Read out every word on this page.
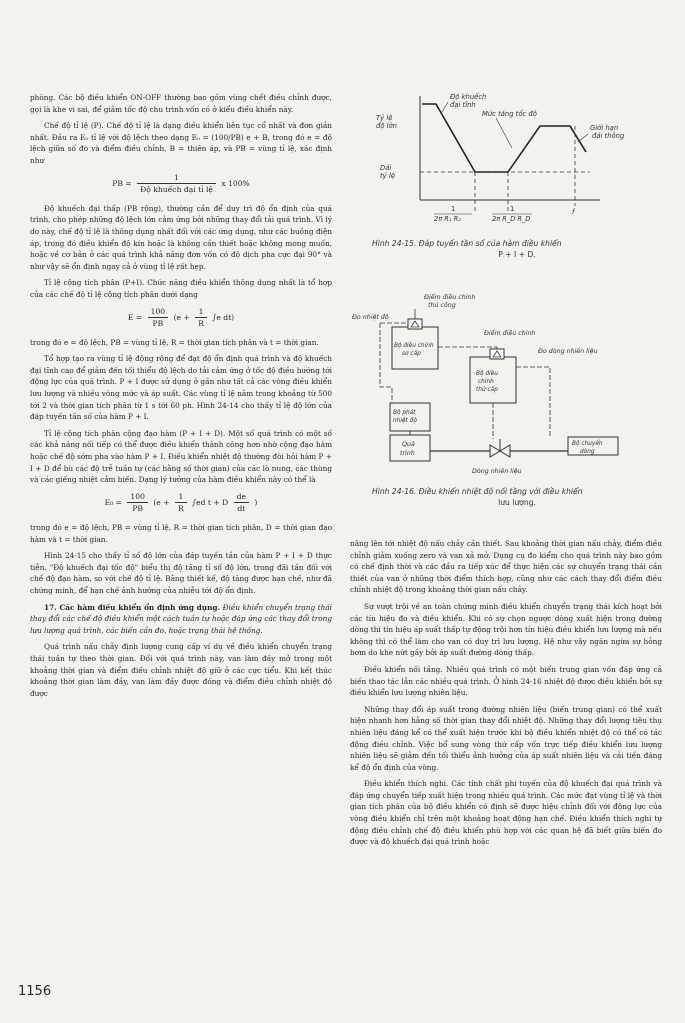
Tỷ lệ
độ lớn
Dải
tỷ lệ
Độ khuếch
đại tĩnh
Mức tăng tốc độ
Giới hạn
đái thông
1
2π R₁ R₂
1
2π R_D R_D
f
Hình 24-15. Đáp tuyến tần số của hàm điều khiển
P + I + D.
Điểm điều chỉnh
thủ công
Đo nhiệt độ
Điểm điều chỉnh
Đo dòng nhiên liệu
Bộ điều chỉnh
sơ cấp
Bộ điều
chỉnh
thứ cấp
Bộ phát
nhiệt độ
Quá
trình
Dòng nhiên liệu
Bộ chuyển
dòng
Hình 24-16. Điều khiển nhiệt độ nối tầng với điều khiển
lưu lượng.

phòng. Các bộ điều khiển ON-OFF thường bao gồm vùng chết điều chỉnh được, gọi là khe vi sai, để giảm tốc độ chu trình vốn có ở kiểu điều khiển này.

Chế độ tỉ lệ (P). Chế độ tỉ lệ là dạng điều khiển liên tục cổ nhất và đơn giản nhất. Đầu ra E₀ tỉ lệ với độ lệch theo dạng E₀ = (100/PB) e + B, trong đó e = độ lệch giữa số đo và điểm điều chỉnh, B = thiên áp, và PB = vùng tỉ lệ, xác định như

PB = $\frac{1}{\text{Độ khuếch đại tỉ lệ}}$ x 100%

Độ khuếch đại thấp (PB rộng), thường cần để duy trì độ ổn định của quá trình, cho phép những độ lệch lớn cảm ứng bởi những thay đổi tải quá trình. Vì lý do này, chế độ tỉ lệ là thông dụng nhất đối với các ứng dụng, như các buồng điện áp, trong đó điều khiển độ kín hoặc là không cần thiết hoặc không mong muốn, hoặc về cơ bản ở các quá trình khả năng đơn vốn có độ dịch pha cực đại 90° và như vậy sẽ ổn định ngay cả ở vùng tỉ lệ rất hẹp.

Tỉ lệ cộng tích phân (P+I). Chức năng điều khiển thông dụng nhất là tổ hợp của các chế độ tỉ lệ cộng tích phân dưới dạng

$E = \frac{100}{PB} (e + \frac{1}{R} \int e$ dt)

trong đó e = độ lệch, PB = vùng tỉ lệ, R = thời gian tích phân và t = thời gian.

Tổ hợp tạo ra vùng tỉ lệ động rộng để đạt độ ổn định quá trình và độ khuếch đại tĩnh cao để giảm đến tối thiểu độ lệch do tải cảm ứng ở tốc độ điều hướng tới động lực của quá trình. P + I được sử dụng ở gần như tất cả các vòng điều khiển lưu lượng và nhiều vòng mức và áp suất. Các vùng tỉ lệ nằm trong khoảng từ 500 tới 2 và thời gian tích phân từ 1 s tới 60 ph. Hình 24-14 cho thấy tỉ lệ độ lớn của đáp tuyến tần số của hàm P + I.

Tỉ lệ cộng tích phân cộng đạo hàm (P + I + D). Một số quá trình có một số các khả năng nối tiếp có thể được điều khiển thành công hơn nhờ cộng đạo hàm hoặc chế độ sớm pha vào hàm P + I. Điều khiển nhiệt độ thường đòi hỏi hàm P + I + D để bù các độ trễ tuần tự (các hằng số thời gian) của các lò nung, các thùng và các giếng nhiệt cảm biến. Dạng lý tưởng của hàm điều khiển này có thể là

$E_0 = \frac{100}{PB} (e + \frac{1}{R} \int ed$ t + D $\frac{de}{dt}$ )

trong đó e = độ lệch, PB = vùng tỉ lệ, R = thời gian tích phân, D = thời gian đạo hàm và t = thời gian.

Hình 24-15 cho thấy tỉ số độ lớn của đáp tuyến tần của hàm P + I + D thực tiễn. "Độ khuếch đại tốc độ" biểu thị độ tăng tỉ số độ lớn, trong đãi tần đối với chế độ đạo hàm, so với chế độ tỉ lệ. Bằng thiết kế, độ tăng được hạn chế, như đã chứng minh, để hạn chế ảnh hưởng của nhiễu tới độ ổn định.

17. Các hàm điều khiển ổn định ứng dụng. Điều khiển chuyển trạng thái thay đổi các chế độ điều khiển một cách tuần tự hoặc đáp ứng các thay đổi trong lưu lượng quá trình, các biến cần đo, hoặc trạng thái hệ thống.

Quá trình nấu chảy định lượng cung cấp ví dụ về điều khiển chuyển trạng thái tuần tự theo thời gian. Đối với quá trình này, van làm đầy mở trong một khoảng thời gian và điểm điều chỉnh nhiệt độ giữ ở các cực tiểu. Khi kết thúc khoảng thời gian làm đầy, van làm đầy được đóng và điểm điều chỉnh nhiệt độ được

nâng lên tới nhiệt độ nấu chảy cần thiết. Sau khoảng thời gian nấu chảy, điểm điều chỉnh giảm xuống zero và van xả mở. Dụng cụ đo kiểm cho quá trình này bao gồm có chế định thời và các đầu ra tiếp xúc để thực hiện các sự chuyển trạng thái cần thiết của van ở những thời điểm thích hợp, cũng như các cách thay đổi điểm điều chỉnh nhiệt độ trong khoảng thời gian nấu chảy.

Sự vượt trội về an toàn chứng minh điều khiển chuyển trạng thái kích hoạt bởi các tín hiệu đo và điều khiển. Khi có sự chọn ngược dòng xuất hiện trong đường dòng thì tín hiệu áp suất thấp tự động trội hơn tín hiệu điều khiển lưu lượng mà nếu không thì có thể làm cho van có duy trì lưu lượng. Hệ như vậy ngăn ngừa sự hỏng bơm do khe nứt gây bởi áp suất đường dòng thấp.

Điều khiển nối tầng. Nhiều quá trình có một biến trung gian vốn đáp ứng cả biến thao tác lẫn các nhiều quá trình. Ở hình 24-16 nhiệt độ được điều khiển bởi sự điều khiển lưu lượng nhiên liệu.

Những thay đổi áp suất trong đường nhiên liệu (biến trung gian) có thể xuất hiện nhanh hơn hằng số thời gian thay đổi nhiệt độ. Những thay đổi lượng tiêu thụ nhiên liệu đáng kể có thể xuất hiện trước khi bộ điều khiển nhiệt độ có thể có tác động điều chỉnh. Việc bổ sung vòng thứ cấp vốn trực tiếp điều khiển lưu lượng nhiên liệu sẽ giảm đến tối thiểu ảnh hưởng của áp suất nhiên liệu và cải tiến đáng kể độ ổn định của vòng.

Điều khiển thích nghi. Các tính chất phi tuyến của độ khuếch đại quá trình và đáp ứng chuyển tiếp xuất hiện trong nhiều quá trình. Các mức đạt vùng tỉ lệ và thời gian tích phân của bộ điều khiển có định sẽ được hiệu chỉnh đối với động lực của vòng điều khiển chỉ trên một khoảng hoạt động hạn chế. Điều khiển thích nghi tự động điều chỉnh chế độ điều khiển phù hợp với các quan hệ đã biết giữa biến đo được và độ khuếch đại quá trình hoặc

1156
